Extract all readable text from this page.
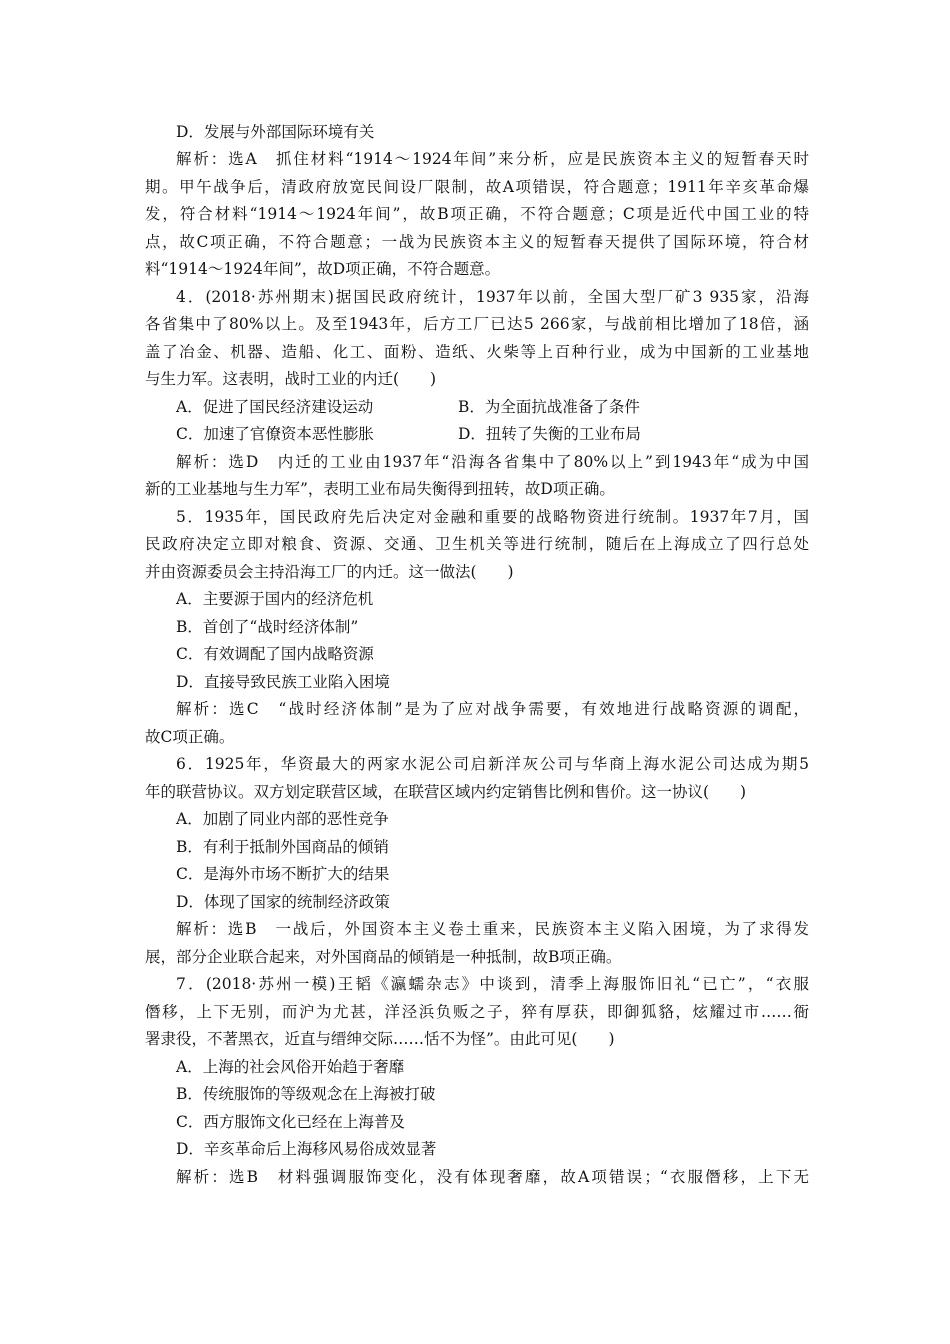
D．发展与外部国际环境有关
解析：选A　抓住材料“1914～1924年间”来分析，应是民族资本主义的短暂春天时
期。甲午战争后，清政府放宽民间设厂限制，故A项错误，符合题意；1911年辛亥革命爆
发，符合材料“1914～1924年间”，故B项正确，不符合题意；C项是近代中国工业的特
点，故C项正确，不符合题意；一战为民族资本主义的短暂春天提供了国际环境，符合材
料“1914～1924年间”，故D项正确，不符合题意。
4．(2018·苏州期末)据国民政府统计，1937年以前，全国大型厂矿3 935家，沿海
各省集中了80%以上。及至1943年，后方工厂已达5 266家，与战前相比增加了18倍，涵
盖了冶金、机器、造船、化工、面粉、造纸、火柴等上百种行业，成为中国新的工业基地
与生力军。这表明，战时工业的内迁(　　)
A．促进了国民经济建设运动	B．为全面抗战准备了条件
C．加速了官僚资本恶性膨胀	D．扭转了失衡的工业布局
解析：选D　内迁的工业由1937年“沿海各省集中了80%以上”到1943年“成为中国
新的工业基地与生力军”，表明工业布局失衡得到扭转，故D项正确。
5．1935年，国民政府先后决定对金融和重要的战略物资进行统制。1937年7月，国
民政府决定立即对粮食、资源、交通、卫生机关等进行统制，随后在上海成立了四行总处
并由资源委员会主持沿海工厂的内迁。这一做法(　　)
A．主要源于国内的经济危机
B．首创了“战时经济体制”
C．有效调配了国内战略资源
D．直接导致民族工业陷入困境
解析：选C　“战时经济体制”是为了应对战争需要，有效地进行战略资源的调配，
故C项正确。
6．1925年，华资最大的两家水泥公司启新洋灰公司与华商上海水泥公司达成为期5
年的联营协议。双方划定联营区域，在联营区域内约定销售比例和售价。这一协议(　　)
A．加剧了同业内部的恶性竞争
B．有利于抵制外国商品的倾销
C．是海外市场不断扩大的结果
D．体现了国家的统制经济政策
解析：选B　一战后，外国资本主义卷土重来，民族资本主义陷入困境，为了求得发
展，部分企业联合起来，对外国商品的倾销是一种抵制，故B项正确。
7．(2018·苏州一模)王韬《瀛蠕杂志》中谈到，清季上海服饰旧礼“已亡”，“衣服
僭移，上下无别，而沪为尤甚，洋泾浜负贩之子，猝有厚获，即御狐貉，炫耀过市……衙
署隶役，不著黑衣，近直与缙绅交际……恬不为怪”。由此可见(　　)
A．上海的社会风俗开始趋于奢靡
B．传统服饰的等级观念在上海被打破
C．西方服饰文化已经在上海普及
D．辛亥革命后上海移风易俗成效显著
解析：选B　材料强调服饰变化，没有体现奢靡，故A项错误；“衣服僭移，上下无
